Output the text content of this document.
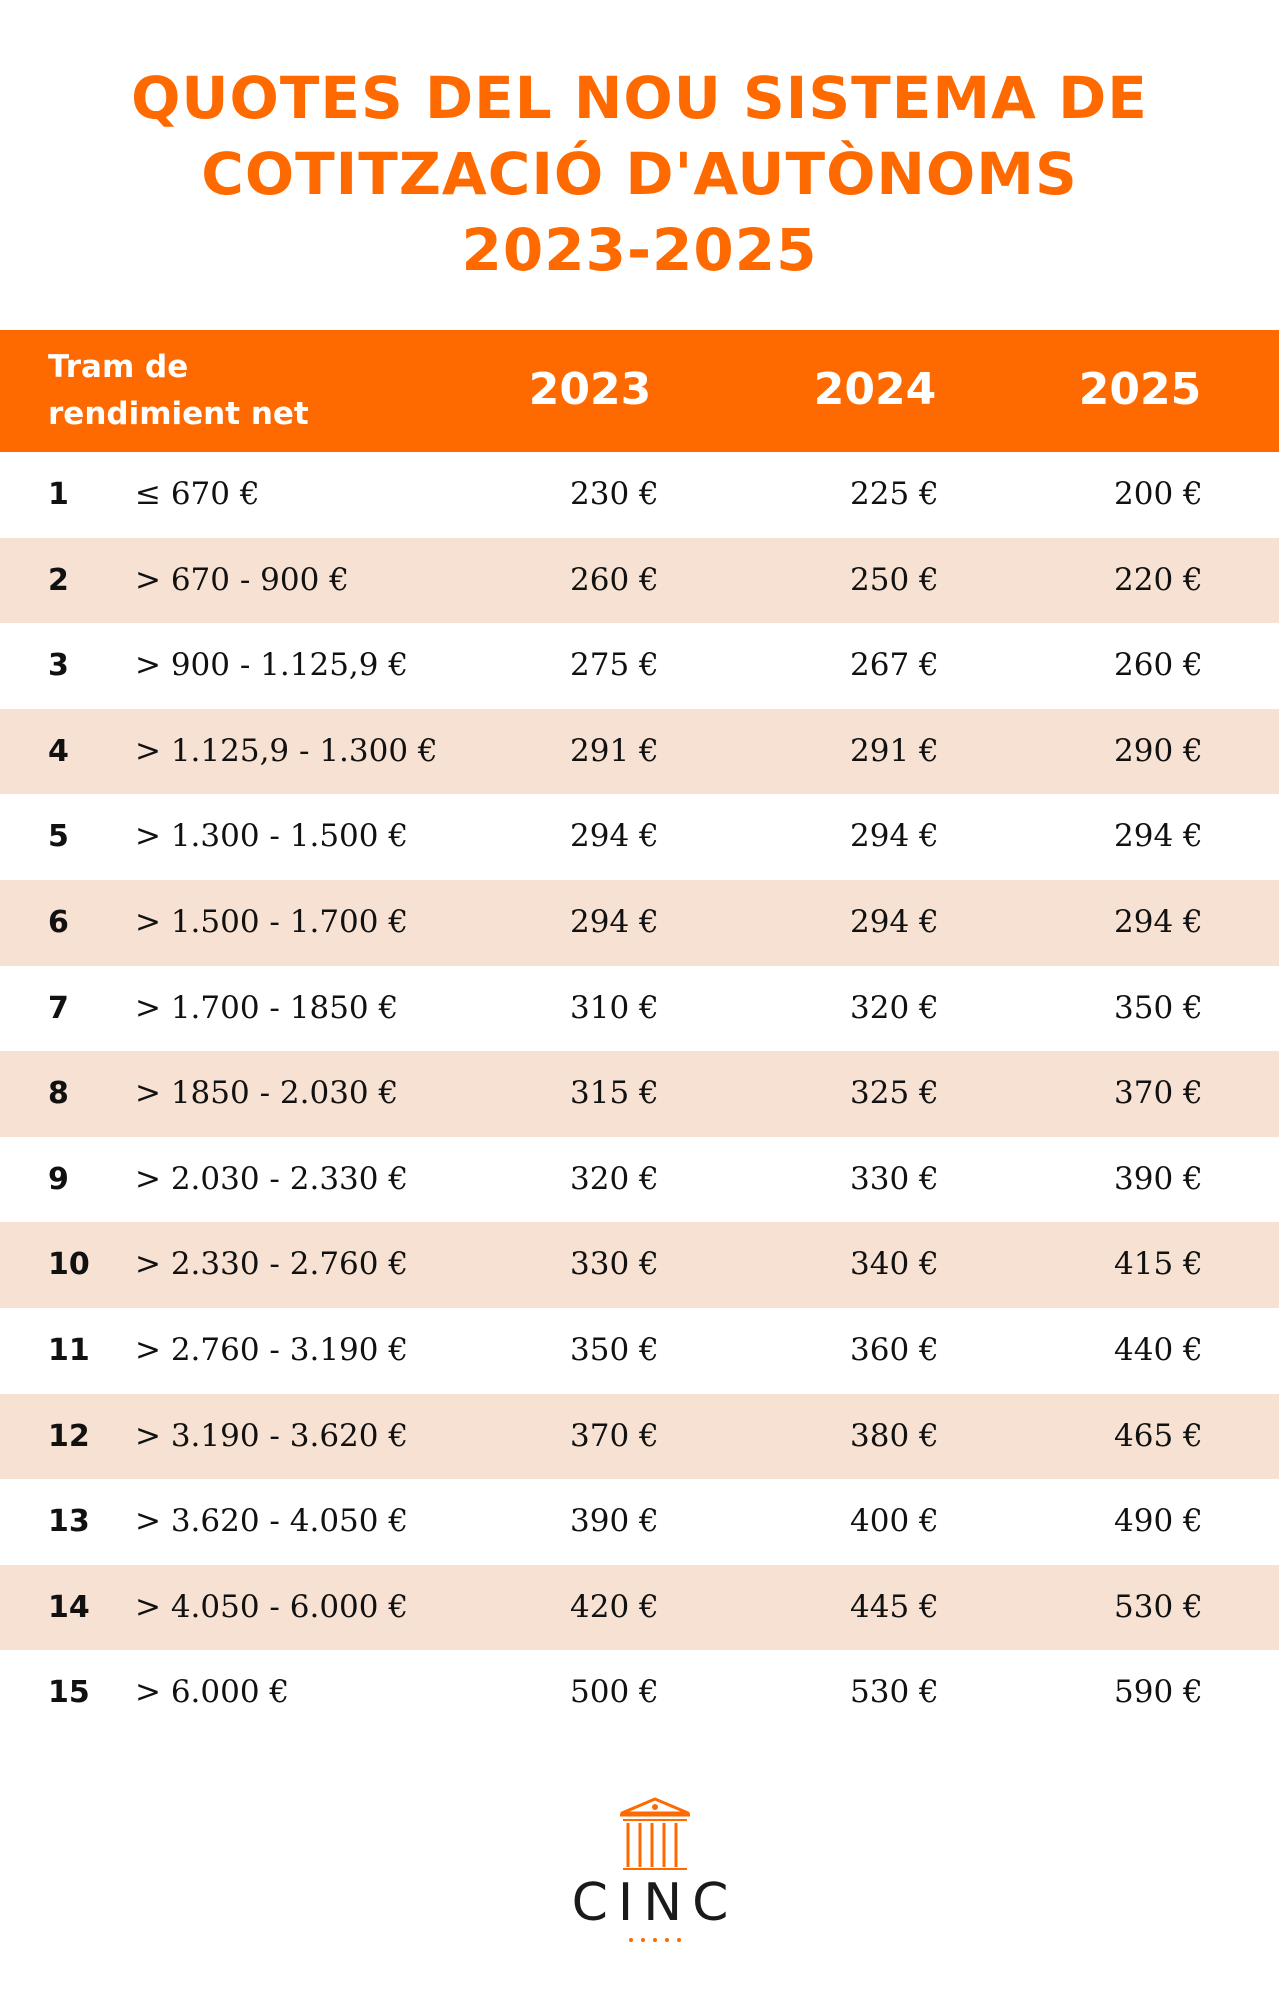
QUOTES DEL NOU SISTEMA DE
COTITZACIÓ D'AUTÒNOMS
2023-2025
Tram de
rendimient net	2023	2024	2025
1 ≤ 670 €	230 €	225 €	200 €
2 > 670 - 900 €	260 €	250 €	220 €
3 > 900 - 1.125,9 €	275 €	267 €	260 €
4 > 1.125,9 - 1.300 €	291 €	291 €	290 €
5 > 1.300 - 1.500 €	294 €	294 €	294 €
6 > 1.500 - 1.700 €	294 €	294 €	294 €
7 > 1.700 - 1850 €	310 €	320 €	350 €
8 > 1850 - 2.030 €	315 €	325 €	370 €
9 > 2.030 - 2.330 €	320 €	330 €	390 €
10 > 2.330 - 2.760 €	330 €	340 €	415 €
11 > 2.760 - 3.190 €	350 €	360 €	440 €
12 > 3.190 - 3.620 €	370 €	380 €	465 €
13 > 3.620 - 4.050 €	390 €	400 €	490 €
14 > 4.050 - 6.000 €	420 €	445 €	530 €
15 > 6.000 €	500 €	530 €	590 €
CINC
